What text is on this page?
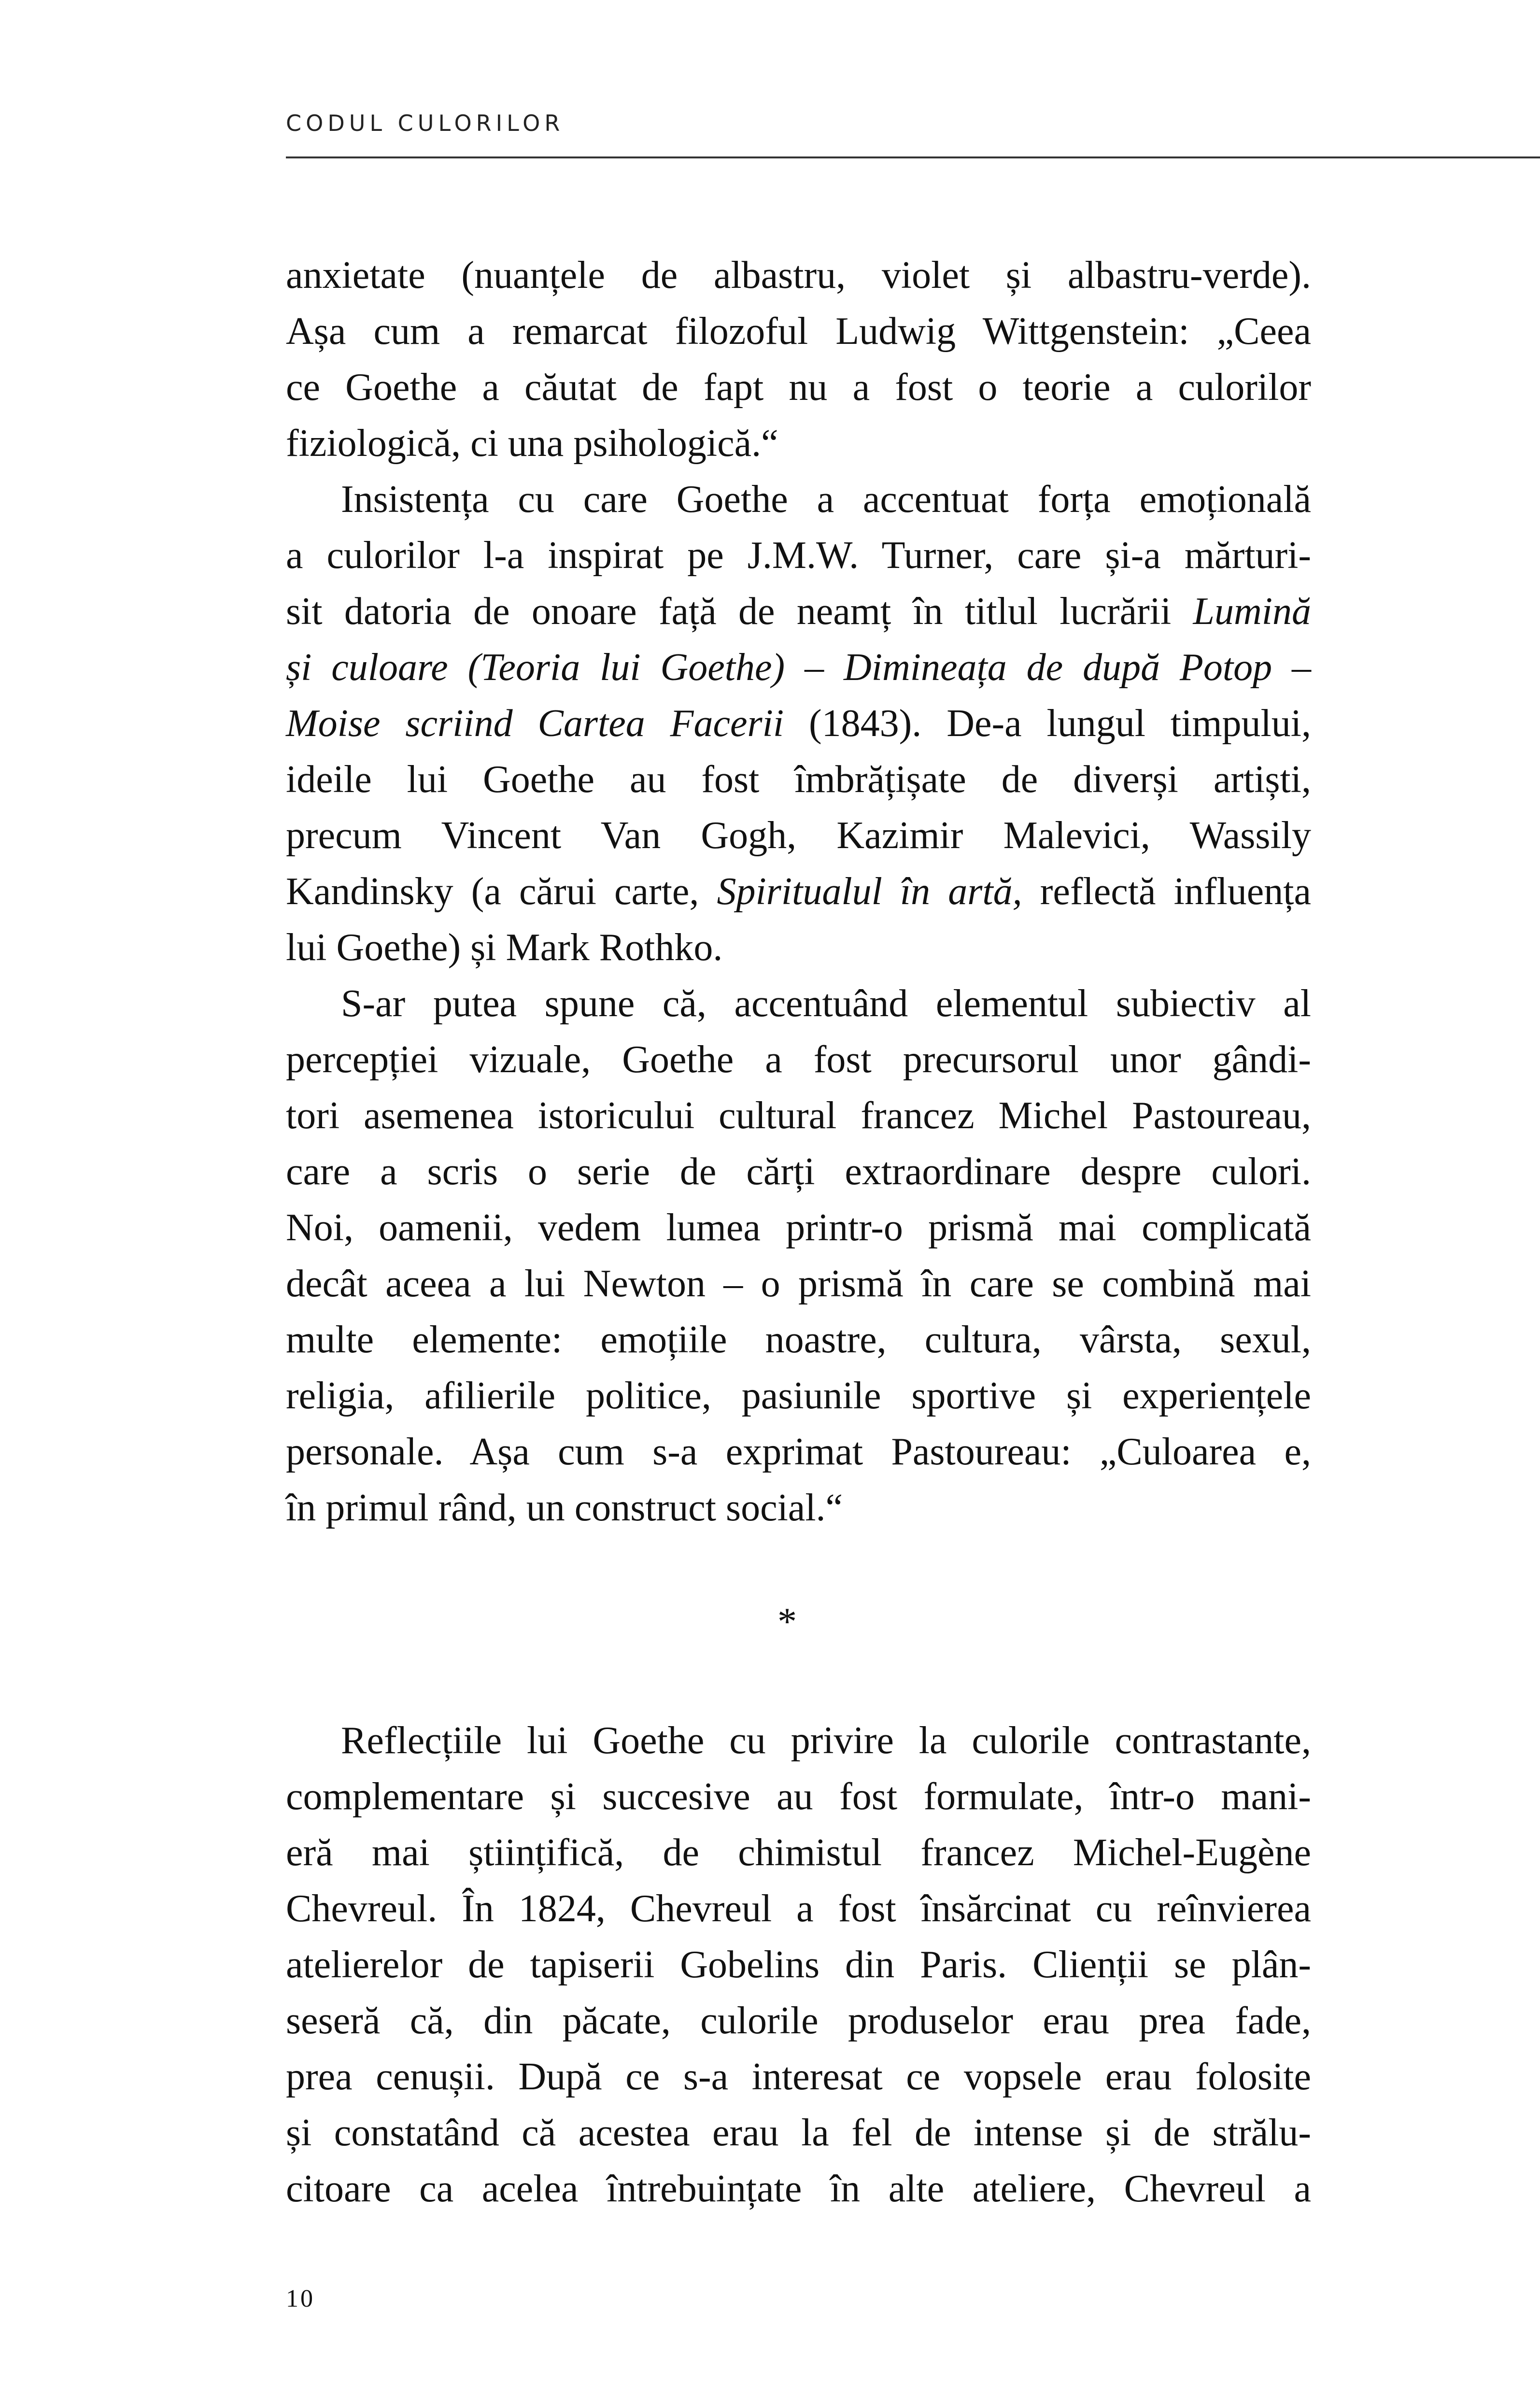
CODUL CULORILOR
anxietate (nuanțele de albastru, violet și albastru-verde).
Așa cum a remarcat filozoful Ludwig Wittgenstein: „Ceea
ce Goethe a căutat de fapt nu a fost o teorie a culorilor
fiziologică, ci una psihologică.“
Insistența cu care Goethe a accentuat forța emoțională
a culorilor l-a inspirat pe J.M.W. Turner, care și-a mărturi-
sit datoria de onoare față de neamț în titlul lucrării Lumină
și culoare (Teoria lui Goethe) – Dimineața de după Potop –
Moise scriind Cartea Facerii (1843). De-a lungul timpului,
ideile lui Goethe au fost îmbrățișate de diverși artiști,
precum Vincent Van Gogh, Kazimir Malevici, Wassily
Kandinsky (a cărui carte, Spiritualul în artă, reflectă influența
lui Goethe) și Mark Rothko.
S-ar putea spune că, accentuând elementul subiectiv al
percepției vizuale, Goethe a fost precursorul unor gândi-
tori asemenea istoricului cultural francez Michel Pastoureau,
care a scris o serie de cărți extraordinare despre culori.
Noi, oamenii, vedem lumea printr-o prismă mai complicată
decât aceea a lui Newton – o prismă în care se combină mai
multe elemente: emoțiile noastre, cultura, vârsta, sexul,
religia, afilierile politice, pasiunile sportive și experiențele
personale. Așa cum s-a exprimat Pastoureau: „Culoarea e,
în primul rând, un construct social.“
*
Reflecțiile lui Goethe cu privire la culorile contrastante,
complementare și succesive au fost formulate, într-o mani-
eră mai științifică, de chimistul francez Michel-Eugène
Chevreul. În 1824, Chevreul a fost însărcinat cu reînvierea
atelierelor de tapiserii Gobelins din Paris. Clienții se plân-
seseră că, din păcate, culorile produselor erau prea fade,
prea cenușii. După ce s-a interesat ce vopsele erau folosite
și constatând că acestea erau la fel de intense și de strălu-
citoare ca acelea întrebuințate în alte ateliere, Chevreul a
10
